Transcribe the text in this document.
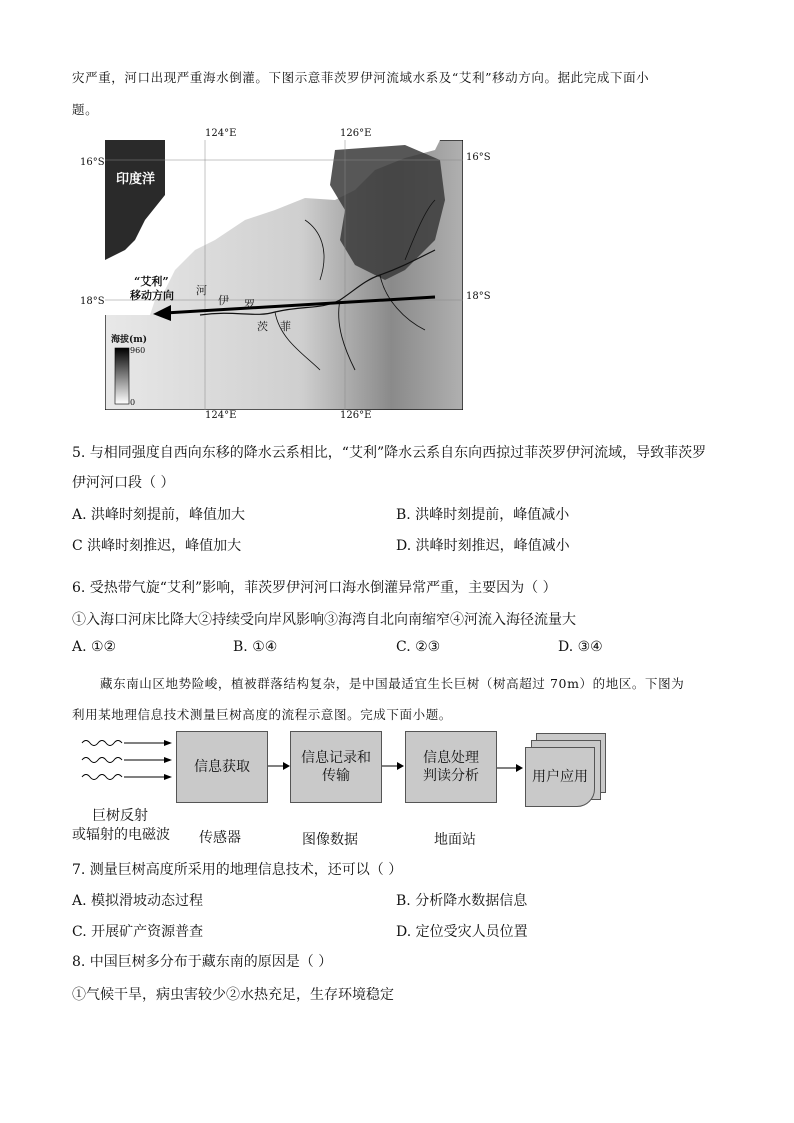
灾严重，河口出现严重海水倒灌。下图示意菲茨罗伊河流域水系及“艾利”移动方向。据此完成下面小
题。
124°E	126°E
124°E	126°E
16°S	16°S
18°S	18°S
印度洋
“艾利”
移动方向 河
伊 罗
茨 菲
海拔(m)
960
0
5. 与相同强度自西向东移的降水云系相比，“艾利”降水云系自东向西掠过菲茨罗伊河流域，导致菲茨罗
伊河河口段（ ）
A. 洪峰时刻提前，峰值加大	B. 洪峰时刻提前，峰值减小
C 洪峰时刻推迟，峰值加大	D. 洪峰时刻推迟，峰值减小
6. 受热带气旋“艾利”影响，菲茨罗伊河河口海水倒灌异常严重，主要因为（ ）
①入海口河床比降大②持续受向岸风影响③海湾自北向南缩窄④河流入海径流量大
A. ①②	B. ①④	C. ②③	D. ③④
藏东南山区地势险峻，植被群落结构复杂，是中国最适宜生长巨树（树高超过 70m）的地区。下图为
利用某地理信息技术测量巨树高度的流程示意图。完成下面小题。
信息获取
信息记录和
传输
信息处理
判读分析	用户应用
巨树反射
或辐射的电磁波 传感器	图像数据	地面站
7. 测量巨树高度所采用的地理信息技术，还可以（ ）
A. 模拟滑坡动态过程	B. 分析降水数据信息
C. 开展矿产资源普查	D. 定位受灾人员位置
8. 中国巨树多分布于藏东南的原因是（ ）
①气候干旱，病虫害较少②水热充足，生存环境稳定
